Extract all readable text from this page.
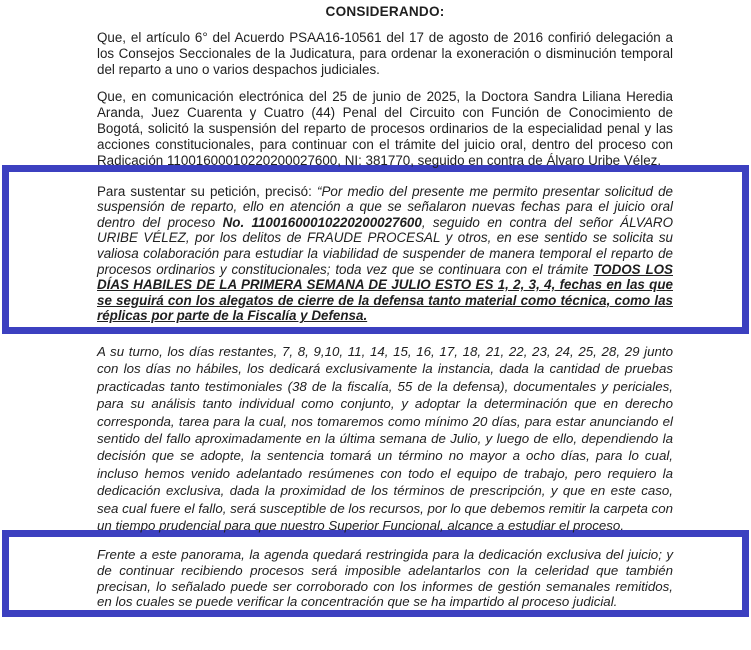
CONSIDERANDO:

Que, el artículo 6° del Acuerdo PSAA16-10561 del 17 de agosto de 2016 confirió delegación a los Consejos Seccionales de la Judicatura, para ordenar la exoneración o disminución temporal del reparto a uno o varios despachos judiciales.

Que, en comunicación electrónica del 25 de junio de 2025, la Doctora Sandra Liliana Heredia Aranda, Juez Cuarenta y Cuatro (44) Penal del Circuito con Función de Conocimiento de Bogotá, solicitó la suspensión del reparto de procesos ordinarios de la especialidad penal y las acciones constitucionales, para continuar con el trámite del juicio oral, dentro del proceso con Radicación 11001600010220200027600, NI: 381770, seguido en contra de Álvaro Uribe Vélez.

Para sustentar su petición, precisó: “Por medio del presente me permito presentar solicitud de suspensión de reparto, ello en atención a que se señalaron nuevas fechas para el juicio oral dentro del proceso No. 11001600010220200027600, seguido en contra del señor ÁLVARO URIBE VÉLEZ, por los delitos de FRAUDE PROCESAL y otros, en ese sentido se solicita su valiosa colaboración para estudiar la viabilidad de suspender de manera temporal el reparto de procesos ordinarios y constitucionales; toda vez que se continuara con el trámite TODOS LOS DÍAS HABILES DE LA PRIMERA SEMANA DE JULIO ESTO ES 1, 2, 3, 4, fechas en las que se seguirá con los alegatos de cierre de la defensa tanto material como técnica, como las réplicas por parte de la Fiscalía y Defensa.

A su turno, los días restantes, 7, 8, 9,10, 11, 14, 15, 16, 17, 18, 21, 22, 23, 24, 25, 28, 29 junto con los días no hábiles, los dedicará exclusivamente la instancia, dada la cantidad de pruebas practicadas tanto testimoniales (38 de la fiscalía, 55 de la defensa), documentales y periciales, para su análisis tanto individual como conjunto, y adoptar la determinación que en derecho corresponda, tarea para la cual, nos tomaremos como mínimo 20 días, para estar anunciando el sentido del fallo aproximadamente en la última semana de Julio, y luego de ello, dependiendo la decisión que se adopte, la sentencia tomará un término no mayor a ocho días, para lo cual, incluso hemos venido adelantado resúmenes con todo el equipo de trabajo, pero requiero la dedicación exclusiva, dada la proximidad de los términos de prescripción, y que en este caso, sea cual fuere el fallo, será susceptible de los recursos, por lo que debemos remitir la carpeta con un tiempo prudencial para que nuestro Superior Funcional, alcance a estudiar el proceso.

Frente a este panorama, la agenda quedará restringida para la dedicación exclusiva del juicio; y de continuar recibiendo procesos será imposible adelantarlos con la celeridad que también precisan, lo señalado puede ser corroborado con los informes de gestión semanales remitidos, en los cuales se puede verificar la concentración que se ha impartido al proceso judicial.
